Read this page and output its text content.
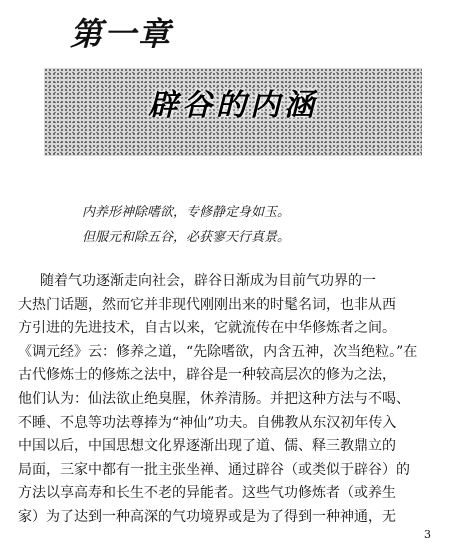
第一章
辟谷的内涵
内养形神除嗜欲，专修静定身如玉。
但服元和除五谷，必获寥天行真景。
随着气功逐渐走向社会，辟谷日渐成为目前气功界的一
大热门话题，然而它并非现代刚刚出来的时髦名词，也非从西
方引进的先进技术，自古以来，它就流传在中华修炼者之间。
《调元经》云：修养之道，“先除嗜欲，内含五神，次当绝粒。”在
古代修炼士的修炼之法中，辟谷是一种较高层次的修为之法，
他们认为：仙法欲止绝臭腥，休养清肠。并把这种方法与不喝、
不睡、不息等功法尊捧为“神仙”功夫。自佛教从东汉初年传入
中国以后，中国思想文化界逐渐出现了道、儒、释三教鼎立的
局面，三家中都有一批主张坐禅、通过辟谷（或类似于辟谷）的
方法以享高寿和长生不老的异能者。这些气功修炼者（或养生
家）为了达到一种高深的气功境界或是为了得到一种神通，无
3
